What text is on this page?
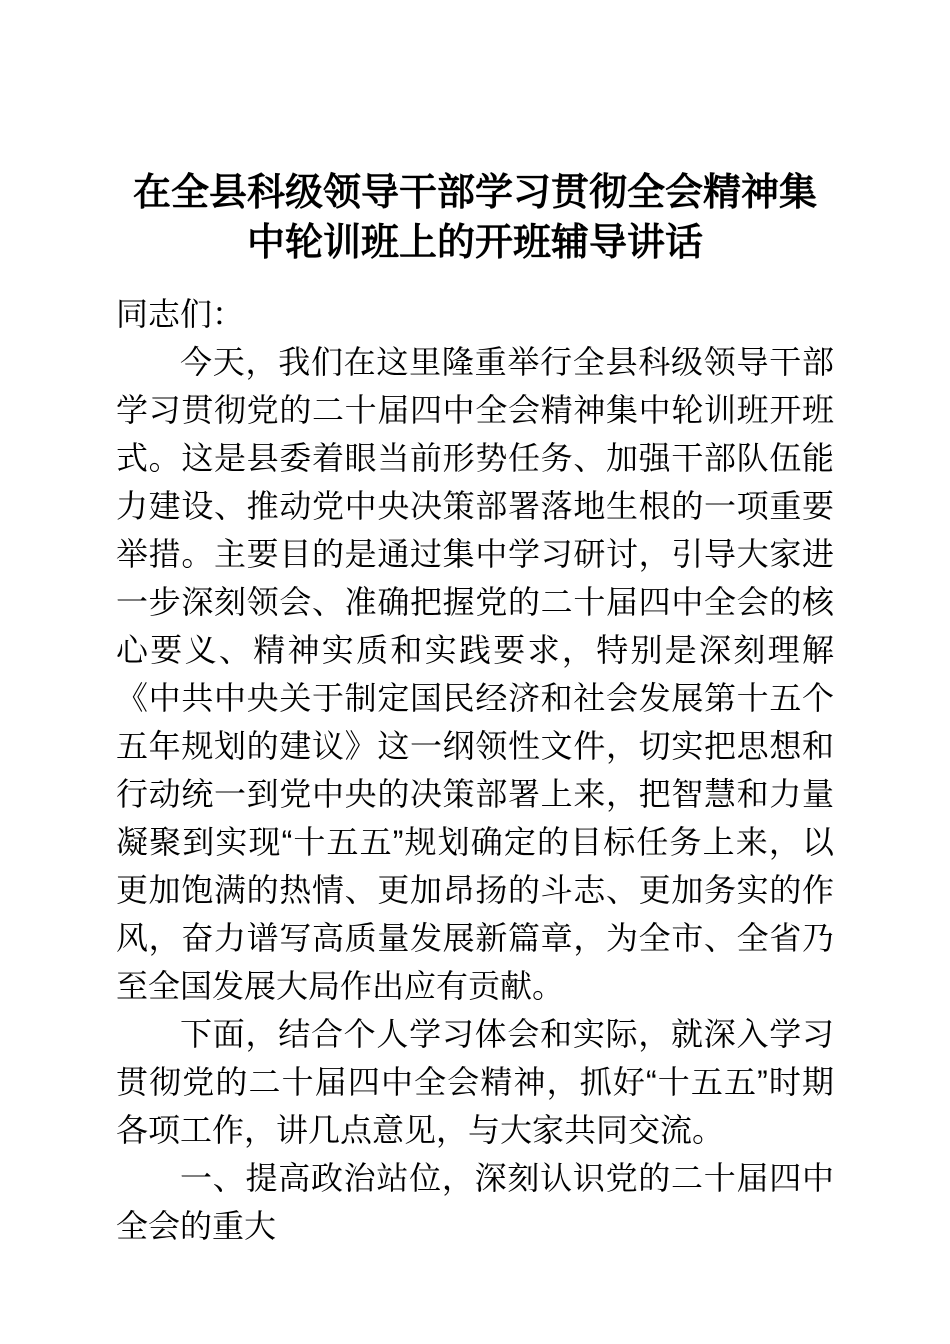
在全县科级领导干部学习贯彻全会精神集中轮训班上的开班辅导讲话

同志们：

今天，我们在这里隆重举行全县科级领导干部学习贯彻党的二十届四中全会精神集中轮训班开班式。这是县委着眼当前形势任务、加强干部队伍能力建设、推动党中央决策部署落地生根的一项重要举措。主要目的是通过集中学习研讨，引导大家进一步深刻领会、准确把握党的二十届四中全会的核心要义、精神实质和实践要求，特别是深刻理解《中共中央关于制定国民经济和社会发展第十五个五年规划的建议》这一纲领性文件，切实把思想和行动统一到党中央的决策部署上来，把智慧和力量凝聚到实现“十五五”规划确定的目标任务上来，以更加饱满的热情、更加昂扬的斗志、更加务实的作风，奋力谱写高质量发展新篇章，为全市、全省乃至全国发展大局作出应有贡献。

下面，结合个人学习体会和实际，就深入学习贯彻党的二十届四中全会精神，抓好“十五五”时期各项工作，讲几点意见，与大家共同交流。

一、提高政治站位，深刻认识党的二十届四中全会的重大
